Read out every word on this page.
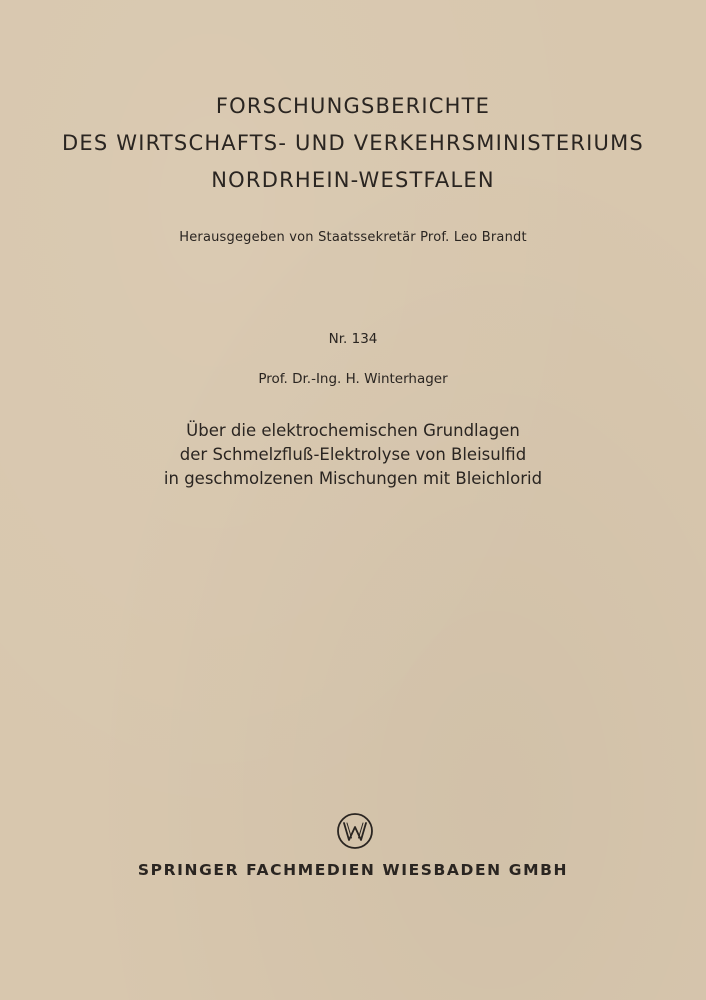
FORSCHUNGSBERICHTE
DES WIRTSCHAFTS- UND VERKEHRSMINISTERIUMS
NORDRHEIN-WESTFALEN
Herausgegeben von Staatssekretär Prof. Leo Brandt
Nr. 134
Prof. Dr.-Ing. H. Winterhager
Über die elektrochemischen Grundlagen
der Schmelzfluß-Elektrolyse von Bleisulfid
in geschmolzenen Mischungen mit Bleichlorid
SPRINGER FACHMEDIEN WIESBADEN GMBH
